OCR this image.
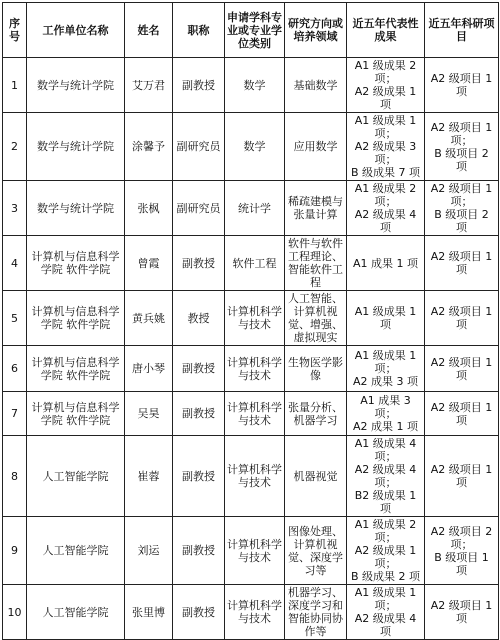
序号	工作单位名称	姓名	职称	申请学科专业或专业学位类别	研究方向或培养领域	近五年代表性成果	近五年科研项目
1	数学与统计学院	艾万君	副教授	数学	基础数学	A1 级成果 2 项；
A2 级成果 1 项	A2 级项目 1 项

2	数学与统计学院	涂馨予	副研究员	数学	应用数学	A1 级成果 1 项；
A2 级成果 3 项；
B 级成果 7 项	A2 级项目 1 项；
B 级项目 2 项

3	数学与统计学院	张枫	副研究员	统计学	稀疏建模与张量计算	A1 级成果 2 项；
A2 级成果 4 项	A2 级项目 1 项；
B 级项目 2 项

4	计算机与信息科学学院 软件学院	曾霞	副教授	软件工程	软件与软件工程理论、智能软件工程	A1 成果 1 项	A2 级项目 1 项

5	计算机与信息科学学院 软件学院	黄兵姚	教授	计算机科学与技术	人工智能、计算机视觉、增强、虚拟现实	A1 级成果 1 项	A2 级项目 1 项

6	计算机与信息科学学院 软件学院	唐小琴	副教授	计算机科学与技术	生物医学影像	A1 级成果 1 项；
A2 成果 3 项	A2 级项目 1 项

7	计算机与信息科学学院 软件学院	吴昊	副教授	计算机科学与技术	张量分析、机器学习	A1 成果 3 项；
A2 成果 1 项	A2 级项目 1 项

8	人工智能学院	崔蓉	副教授	计算机科学与技术	机器视觉	A1 级成果 4 项；
A2 级成果 4 项；
B2 级成果 1 项	A2 级项目 1 项

9	人工智能学院	刘运	副教授	计算机科学与技术	图像处理、计算机视觉、深度学习等	A1 级成果 2 项；
A2 级成果 1 项；
B 级成果 2 项	A2 级项目 2 项；
B 级项目 1 项

10	人工智能学院	张里博	副教授	计算机科学与技术	机器学习、深度学习和智能协同协作等	A1 级成果 1 项；
A2 级成果 4 项	A2 级项目 1 项
